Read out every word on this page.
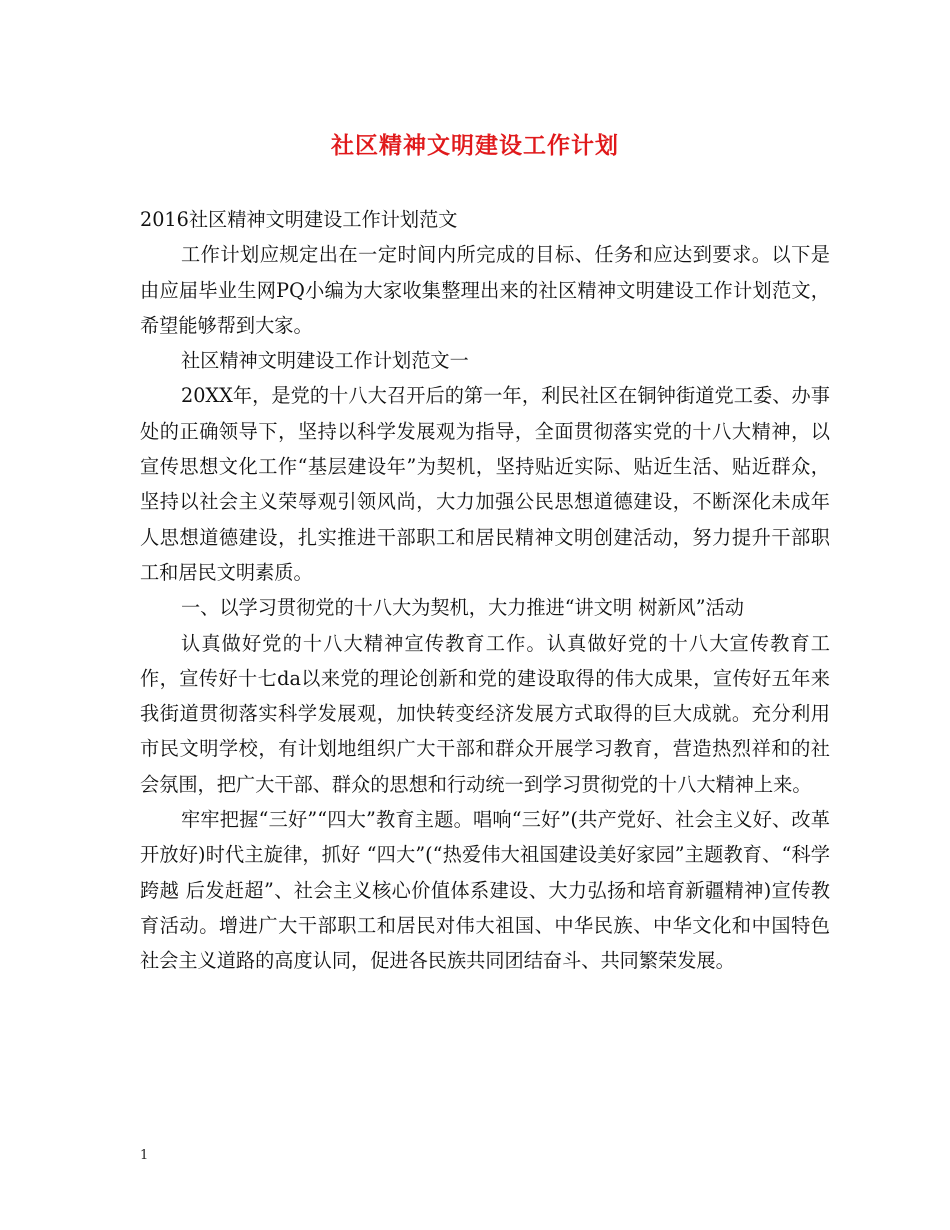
社区精神文明建设工作计划

2016社区精神文明建设工作计划范文

工作计划应规定出在一定时间内所完成的目标、任务和应达到要求。以下是由应届毕业生网PQ小编为大家收集整理出来的社区精神文明建设工作计划范文，希望能够帮到大家。

社区精神文明建设工作计划范文一

20XX年，是党的十八大召开后的第一年，利民社区在铜钟街道党工委、办事处的正确领导下，坚持以科学发展观为指导，全面贯彻落实党的十八大精神，以宣传思想文化工作“基层建设年”为契机，坚持贴近实际、贴近生活、贴近群众，坚持以社会主义荣辱观引领风尚，大力加强公民思想道德建设，不断深化未成年人思想道德建设，扎实推进干部职工和居民精神文明创建活动，努力提升干部职工和居民文明素质。

一、以学习贯彻党的十八大为契机，大力推进“讲文明 树新风”活动

认真做好党的十八大精神宣传教育工作。认真做好党的十八大宣传教育工作，宣传好十七da以来党的理论创新和党的建设取得的伟大成果，宣传好五年来我街道贯彻落实科学发展观，加快转变经济发展方式取得的巨大成就。充分利用市民文明学校，有计划地组织广大干部和群众开展学习教育，营造热烈祥和的社会氛围，把广大干部、群众的思想和行动统一到学习贯彻党的十八大精神上来。

牢牢把握“三好”“四大”教育主题。唱响“三好”(共产党好、社会主义好、改革开放好)时代主旋律，抓好 “四大”(“热爱伟大祖国建设美好家园”主题教育、“科学跨越 后发赶超”、社会主义核心价值体系建设、大力弘扬和培育新疆精神)宣传教育活动。增进广大干部职工和居民对伟大祖国、中华民族、中华文化和中国特色社会主义道路的高度认同，促进各民族共同团结奋斗、共同繁荣发展。

1
